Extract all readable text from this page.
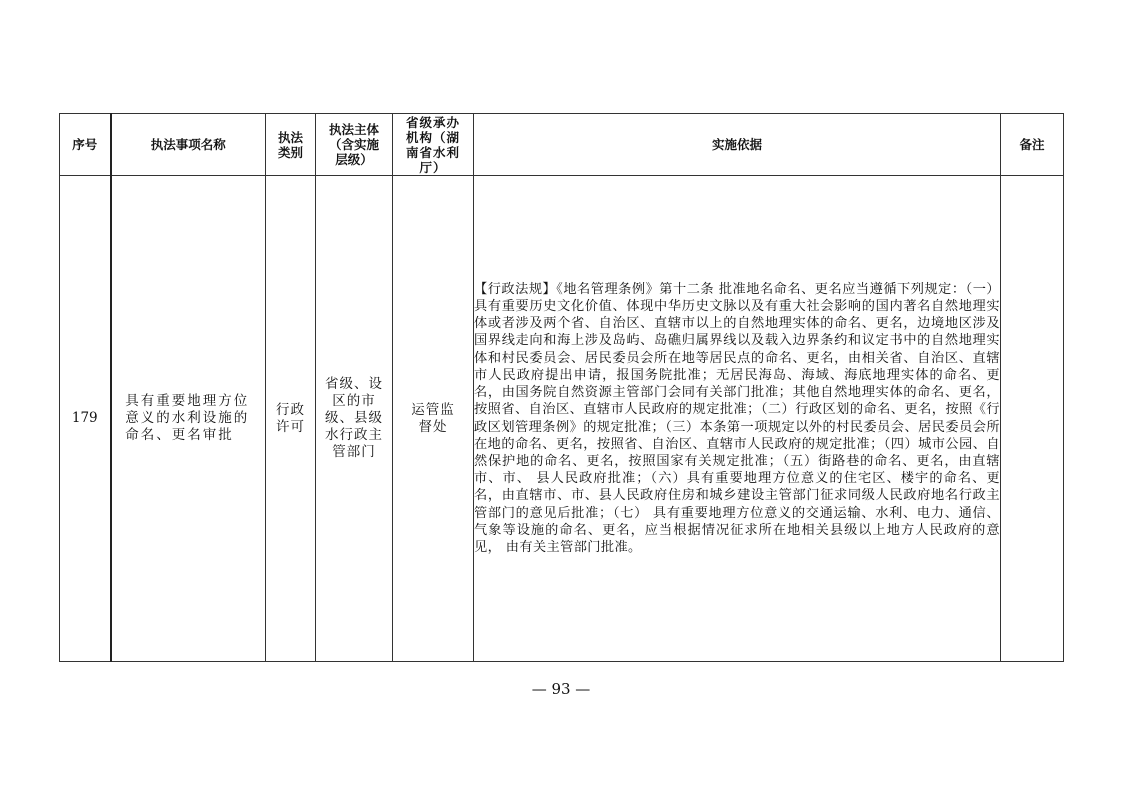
序号	执法事项名称	执法类别	执法主体（含实施层级）	省级承办机构（湖南省水利厅）	实施依据	备注
179	具有重要地理方位意义的水利设施的命名、更名审批	行政许可	省级、设区的市级、县级水行政主管部门	运管监督处	【行政法规】《地名管理条例》第十二条 批准地名命名、更名应当遵循下列规定：（一）具有重要历史文化价值、体现中华历史文脉以及有重大社会影响的国内著名自然地理实体或者涉及两个省、自治区、直辖市以上的自然地理实体的命名、更名，边境地区涉及国界线走向和海上涉及岛屿、岛礁归属界线以及载入边界条约和议定书中的自然地理实体和村民委员会、居民委员会所在地等居民点的命名、更名，由相关省、自治区、直辖市人民政府提出申请，报国务院批准；无居民海岛、海域、海底地理实体的命名、更名，由国务院自然资源主管部门会同有关部门批准；其他自然地理实体的命名、更名，按照省、自治区、直辖市人民政府的规定批准；（二）行政区划的命名、更名，按照《行政区划管理条例》的规定批准；（三）本条第一项规定以外的村民委员会、居民委员会所在地的命名、更名，按照省、自治区、直辖市人民政府的规定批准；（四）城市公园、自然保护地的命名、更名，按照国家有关规定批准；（五）街路巷的命名、更名，由直辖市、市、 县人民政府批准；（六）具有重要地理方位意义的住宅区、楼宇的命名、更名，由直辖市、市、县人民政府住房和城乡建设主管部门征求同级人民政府地名行政主管部门的意见后批准；（七） 具有重要地理方位意义的交通运输、水利、电力、通信、气象等设施的命名、更名，应当根据情况征求所在地相关县级以上地方人民政府的意见， 由有关主管部门批准。	

— 93 —
